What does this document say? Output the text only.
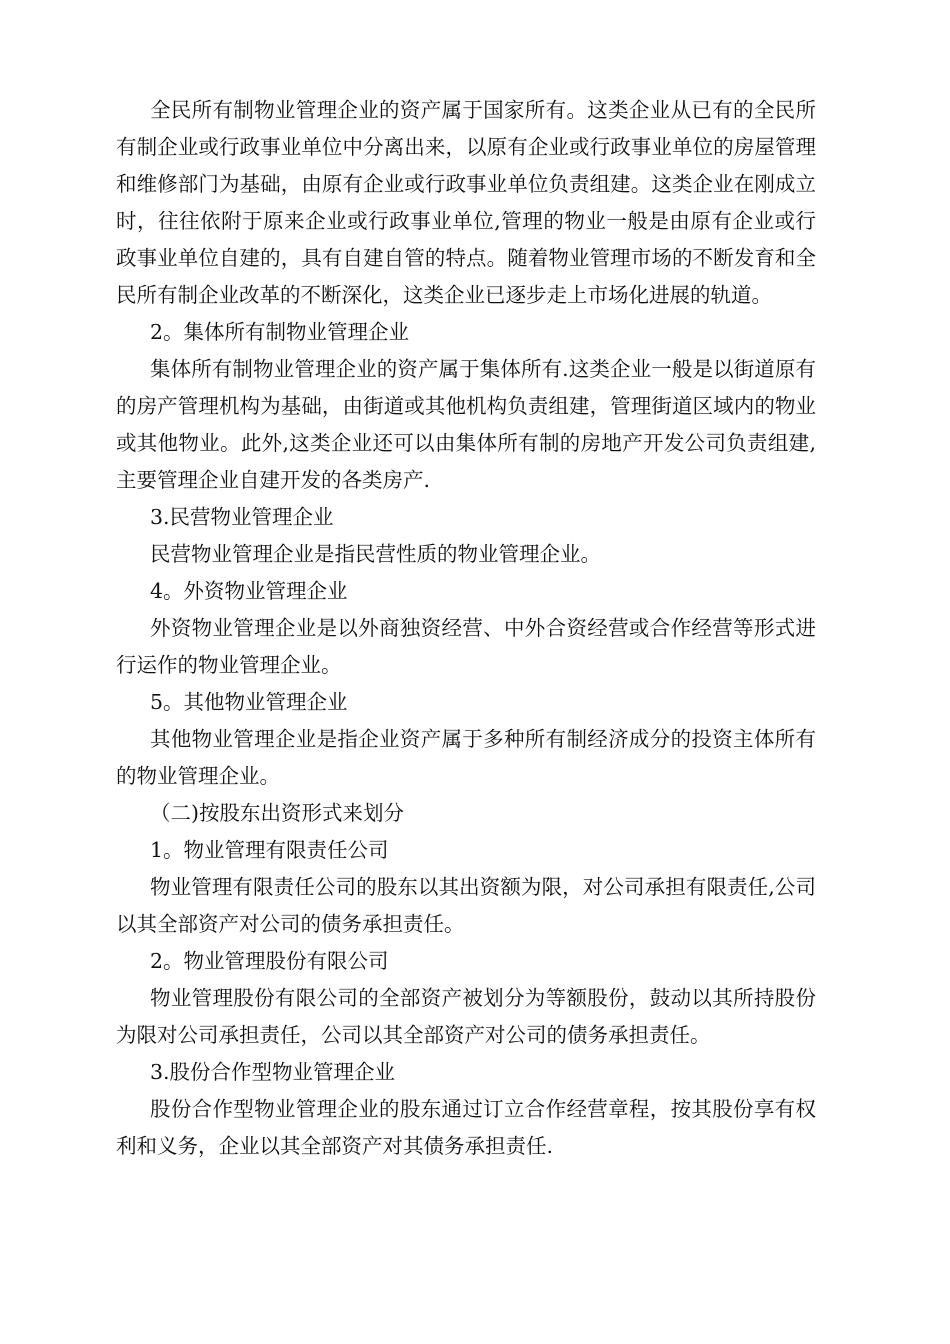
全民所有制物业管理企业的资产属于国家所有。这类企业从已有的全民所有制企业或行政事业单位中分离出来，以原有企业或行政事业单位的房屋管理和维修部门为基础，由原有企业或行政事业单位负责组建。这类企业在刚成立时，往往依附于原来企业或行政事业单位,管理的物业一般是由原有企业或行政事业单位自建的，具有自建自管的特点。随着物业管理市场的不断发育和全民所有制企业改革的不断深化，这类企业已逐步走上市场化进展的轨道。

2。集体所有制物业管理企业

集体所有制物业管理企业的资产属于集体所有.这类企业一般是以街道原有的房产管理机构为基础，由街道或其他机构负责组建，管理街道区域内的物业或其他物业。此外,这类企业还可以由集体所有制的房地产开发公司负责组建,主要管理企业自建开发的各类房产.

3.民营物业管理企业

民营物业管理企业是指民营性质的物业管理企业。

4。外资物业管理企业

外资物业管理企业是以外商独资经营、中外合资经营或合作经营等形式进行运作的物业管理企业。

5。其他物业管理企业

其他物业管理企业是指企业资产属于多种所有制经济成分的投资主体所有的物业管理企业。

（二)按股东出资形式来划分

1。物业管理有限责任公司

物业管理有限责任公司的股东以其出资额为限，对公司承担有限责任,公司以其全部资产对公司的债务承担责任。

2。物业管理股份有限公司

物业管理股份有限公司的全部资产被划分为等额股份，鼓动以其所持股份为限对公司承担责任，公司以其全部资产对公司的债务承担责任。

3.股份合作型物业管理企业

股份合作型物业管理企业的股东通过订立合作经营章程，按其股份享有权利和义务，企业以其全部资产对其债务承担责任.
